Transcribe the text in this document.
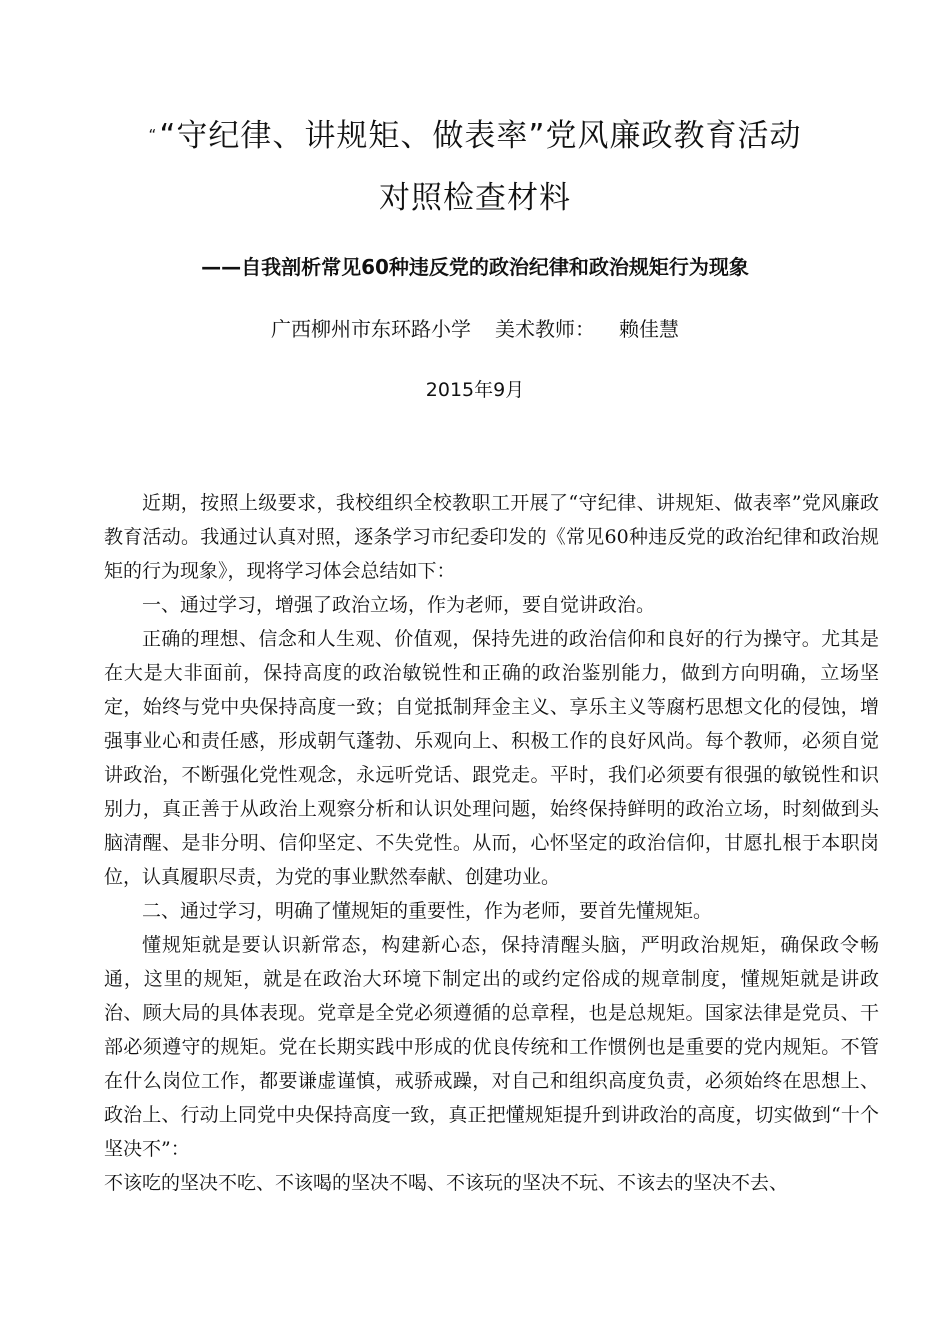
““守纪律、讲规矩、做表率”党风廉政教育活动
对照检查材料
——自我剖析常见60种违反党的政治纪律和政治规矩行为现象
广西柳州市东环路小学 美术教师： 赖佳慧
2015年9月

近期，按照上级要求，我校组织全校教职工开展了“守纪律、讲规矩、做表率”党风廉政教育活动。我通过认真对照，逐条学习市纪委印发的《常见60种违反党的政治纪律和政治规矩的行为现象》，现将学习体会总结如下：

一、通过学习，增强了政治立场，作为老师，要自觉讲政治。

正确的理想、信念和人生观、价值观，保持先进的政治信仰和良好的行为操守。尤其是在大是大非面前，保持高度的政治敏锐性和正确的政治鉴别能力，做到方向明确，立场坚定，始终与党中央保持高度一致；自觉抵制拜金主义、享乐主义等腐朽思想文化的侵蚀，增强事业心和责任感，形成朝气蓬勃、乐观向上、积极工作的良好风尚。每个教师，必须自觉讲政治，不断强化党性观念，永远听党话、跟党走。平时，我们必须要有很强的敏锐性和识别力，真正善于从政治上观察分析和认识处理问题，始终保持鲜明的政治立场，时刻做到头脑清醒、是非分明、信仰坚定、不失党性。从而，心怀坚定的政治信仰，甘愿扎根于本职岗位，认真履职尽责，为党的事业默然奉献、创建功业。

二、通过学习，明确了懂规矩的重要性，作为老师，要首先懂规矩。

懂规矩就是要认识新常态，构建新心态，保持清醒头脑，严明政治规矩，确保政令畅通，这里的规矩，就是在政治大环境下制定出的或约定俗成的规章制度，懂规矩就是讲政治、顾大局的具体表现。党章是全党必须遵循的总章程，也是总规矩。国家法律是党员、干部必须遵守的规矩。党在长期实践中形成的优良传统和工作惯例也是重要的党内规矩。不管在什么岗位工作，都要谦虚谨慎，戒骄戒躁，对自己和组织高度负责，必须始终在思想上、政治上、行动上同党中央保持高度一致，真正把懂规矩提升到讲政治的高度，切实做到“十个坚决不”：

不该吃的坚决不吃、不该喝的坚决不喝、不该玩的坚决不玩、不该去的坚决不去、
